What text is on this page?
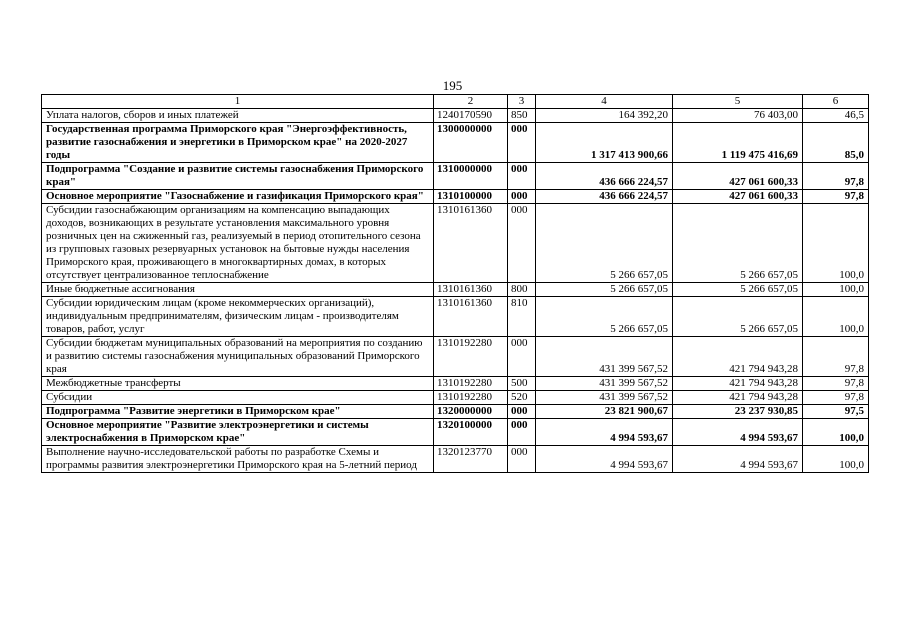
195
1	2	3	4	5	6
Уплата налогов, сборов и иных платежей	1240170590	850	164 392,20	76 403,00	46,5
Государственная программа Приморского края "Энергоэффективность, развитие газоснабжения и энергетики в Приморском крае" на 2020-2027 годы	1300000000	000	1 317 413 900,66	1 119 475 416,69	85,0
Подпрограмма "Создание и развитие системы газоснабжения Приморского края"	1310000000	000	436 666 224,57	427 061 600,33	97,8
Основное мероприятие "Газоснабжение и газификация Приморского края"	1310100000	000	436 666 224,57	427 061 600,33	97,8
Субсидии газоснабжающим организациям на компенсацию выпадающих доходов, возникающих в результате установления максимального уровня розничных цен на сжиженный газ, реализуемый в период отопительного сезона из групповых газовых резервуарных установок на бытовые нужды населения Приморского края, проживающего в многоквартирных домах, в которых отсутствует централизованное теплоснабжение	1310161360	000	5 266 657,05	5 266 657,05	100,0
Иные бюджетные ассигнования	1310161360	800	5 266 657,05	5 266 657,05	100,0
Субсидии юридическим лицам (кроме некоммерческих организаций), индивидуальным предпринимателям, физическим лицам - производителям товаров, работ, услуг	1310161360	810	5 266 657,05	5 266 657,05	100,0
Субсидии бюджетам муниципальных образований на мероприятия по созданию и развитию системы газоснабжения муниципальных образований Приморского края	1310192280	000	431 399 567,52	421 794 943,28	97,8
Межбюджетные трансферты	1310192280	500	431 399 567,52	421 794 943,28	97,8
Субсидии	1310192280	520	431 399 567,52	421 794 943,28	97,8
Подпрограмма "Развитие энергетики в Приморском крае"	1320000000	000	23 821 900,67	23 237 930,85	97,5
Основное мероприятие "Развитие электроэнергетики и системы электроснабжения в Приморском крае"	1320100000	000	4 994 593,67	4 994 593,67	100,0
Выполнение научно-исследовательской работы по разработке Схемы и программы развития электроэнергетики Приморского края на 5-летний период	1320123770	000	4 994 593,67	4 994 593,67	100,0
